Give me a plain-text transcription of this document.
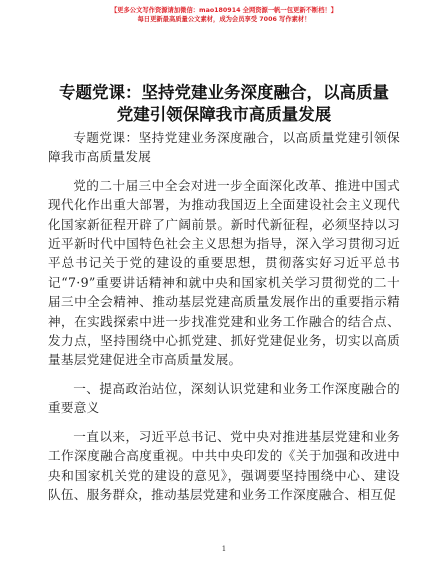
【更多公文写作资源请加微信：mao180914 全网资源一帆一包更新不断档！】
每日更新最高质量公文素材，成为会员享受 7006 写作素材！
专题党课：坚持党建业务深度融合，以高质量
党建引领保障我市高质量发展

专题党课：坚持党建业务深度融合，以高质量党建引领保障我市高质量发展

党的二十届三中全会对进一步全面深化改革、推进中国式现代化作出重大部署，为推动我国迈上全面建设社会主义现代化国家新征程开辟了广阔前景。新时代新征程，必须坚持以习近平新时代中国特色社会主义思想为指导，深入学习贯彻习近平总书记关于党的建设的重要思想，贯彻落实好习近平总书记“7·9”重要讲话精神和就中央和国家机关学习贯彻党的二十届三中全会精神、推动基层党建高质量发展作出的重要指示精神，在实践探索中进一步找准党建和业务工作融合的结合点、发力点，坚持围绕中心抓党建、抓好党建促业务，切实以高质量基层党建促进全市高质量发展。

一、提高政治站位，深刻认识党建和业务工作深度融合的重要意义

一直以来，习近平总书记、党中央对推进基层党建和业务工作深度融合高度重视。中共中央印发的《关于加强和改进中央和国家机关党的建设的意见》，强调要坚持围绕中心、建设队伍、服务群众，推动基层党建和业务工作深度融合、相互促

1
